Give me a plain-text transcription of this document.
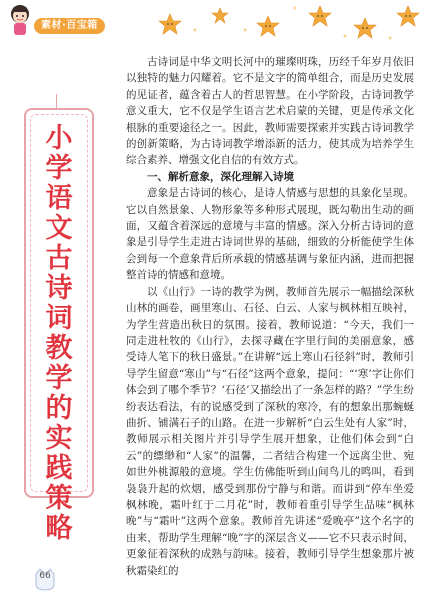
素材·百宝箱
小
学
语
文
古
诗
词
教
学
的
实
践
策
略

古诗词是中华文明长河中的璀璨明珠，历经千年岁月依旧以独特的魅力闪耀着。它不是文字的简单组合，而是历史发展的见证者，蕴含着古人的哲思智慧。在小学阶段，古诗词教学意义重大，它不仅是学生语言艺术启蒙的关键，更是传承文化根脉的重要途径之一。因此，教师需要探索并实践古诗词教学的创新策略，为古诗词教学增添新的活力，使其成为培养学生综合素养、增强文化自信的有效方式。

一、解析意象，深化理解入诗境

意象是古诗词的核心，是诗人情感与思想的具象化呈现。它以自然景象、人物形象等多种形式展现，既勾勒出生动的画面，又蕴含着深远的意境与丰富的情感。深入分析古诗词的意象是引导学生走进古诗词世界的基础，细致的分析能使学生体会到每一个意象背后所承载的情感基调与象征内涵，进而把握整首诗的情感和意境。

以《山行》一诗的教学为例，教师首先展示一幅描绘深秋山林的画卷，画里寒山、石径、白云、人家与枫林相互映衬，为学生营造出秋日的氛围。接着，教师说道：“今天，我们一同走进杜牧的《山行》，去探寻藏在字里行间的美丽意象，感受诗人笔下的秋日盛景。”在讲解“远上寒山石径斜”时，教师引导学生留意“寒山”与“石径”这两个意象，提问：“‘寒’字让你们体会到了哪个季节？‘石径’又描绘出了一条怎样的路？”学生纷纷表达看法，有的说感受到了深秋的寒冷，有的想象出那蜿蜒曲折、铺满石子的山路。在进一步解析“白云生处有人家”时，教师展示相关图片并引导学生展开想象，让他们体会到“白云”的缥缈和“人家”的温馨，二者结合构建一个远离尘世、宛如世外桃源般的意境。学生仿佛能听到山间鸟儿的鸣叫，看到袅袅升起的炊烟，感受到那份宁静与和谐。而讲到“停车坐爱枫林晚，霜叶红于二月花”时，教师着重引导学生品味“枫林晚”与“霜叶”这两个意象。教师首先讲述“爱晚亭”这个名字的由来，帮助学生理解“晚”字的深层含义——它不只表示时间，更象征着深秋的成熟与韵味。接着，教师引导学生想象那片被秋霜染红的

66
